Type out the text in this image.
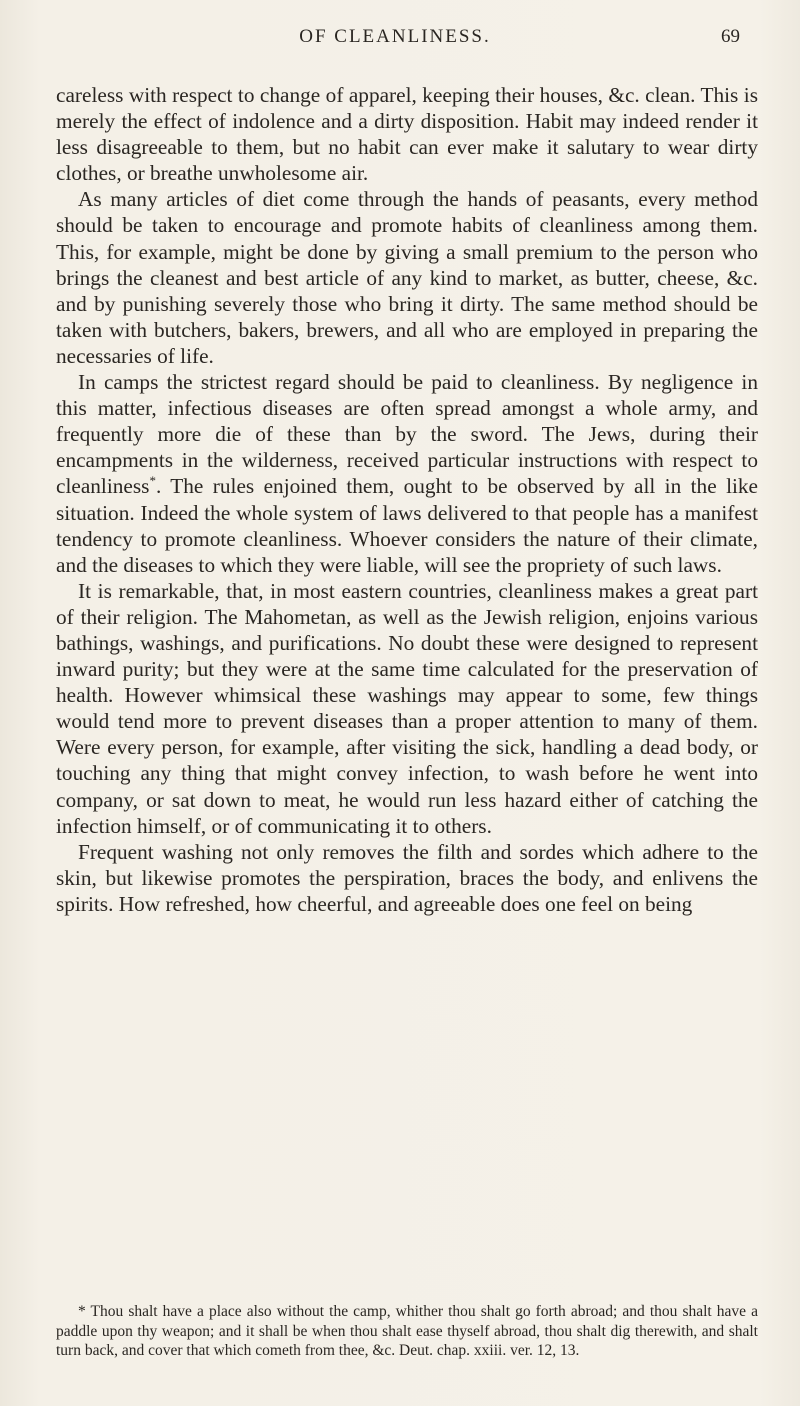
OF CLEANLINESS.	69

careless with respect to change of apparel, keeping their houses, &c. clean. This is merely the effect of indolence and a dirty disposition. Habit may indeed render it less disagreeable to them, but no habit can ever make it salutary to wear dirty clothes, or breathe unwholesome air.

As many articles of diet come through the hands of peasants, every method should be taken to encourage and promote habits of cleanliness among them. This, for example, might be done by giving a small premium to the person who brings the cleanest and best article of any kind to market, as butter, cheese, &c. and by punishing severely those who bring it dirty. The same method should be taken with butchers, bakers, brewers, and all who are employed in preparing the necessaries of life.

In camps the strictest regard should be paid to cleanliness. By negligence in this matter, infectious diseases are often spread amongst a whole army, and frequently more die of these than by the sword. The Jews, during their encampments in the wilderness, received particular instructions with respect to cleanliness*. The rules enjoined them, ought to be observed by all in the like situation. Indeed the whole system of laws delivered to that people has a manifest tendency to promote cleanliness. Whoever considers the nature of their climate, and the diseases to which they were liable, will see the propriety of such laws.

It is remarkable, that, in most eastern countries, cleanliness makes a great part of their religion. The Mahometan, as well as the Jewish religion, enjoins various bathings, washings, and purifications. No doubt these were designed to represent inward purity; but they were at the same time calculated for the preservation of health. However whimsical these washings may appear to some, few things would tend more to prevent diseases than a proper attention to many of them. Were every person, for example, after visiting the sick, handling a dead body, or touching any thing that might convey infection, to wash before he went into company, or sat down to meat, he would run less hazard either of catching the infection himself, or of communicating it to others.

Frequent washing not only removes the filth and sordes which adhere to the skin, but likewise promotes the perspiration, braces the body, and enlivens the spirits. How refreshed, how cheerful, and agreeable does one feel on being

* Thou shalt have a place also without the camp, whither thou shalt go forth abroad; and thou shalt have a paddle upon thy weapon; and it shall be when thou shalt ease thyself abroad, thou shalt dig therewith, and shalt turn back, and cover that which cometh from thee, &c. Deut. chap. xxiii. ver. 12, 13.
